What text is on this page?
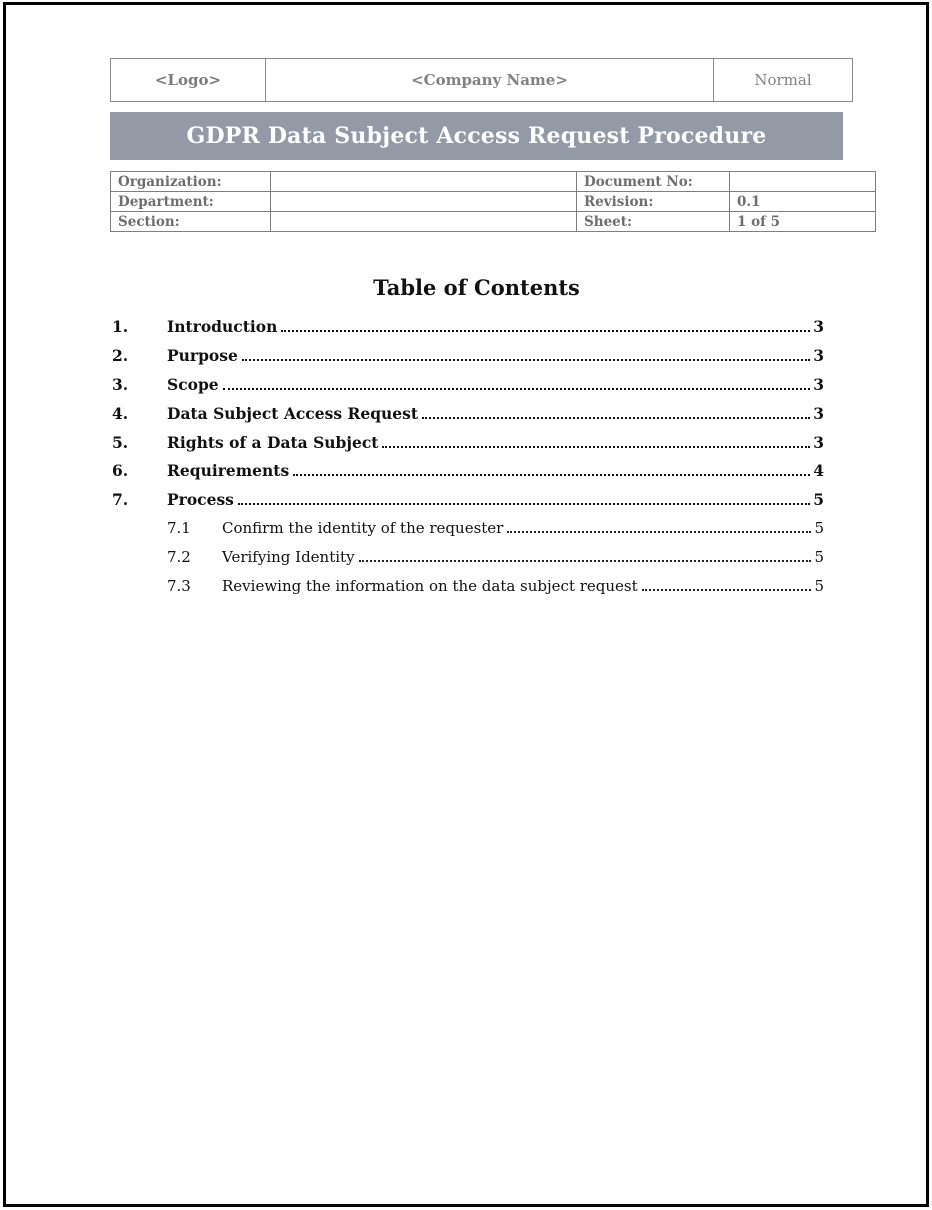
<Logo>	<Company Name>	Normal
GDPR Data Subject Access Request Procedure
Organization:		Document No:	
Department:		Revision:	0.1
Section:		Sheet:	1 of 5
Table of Contents
1.	Introduction	3
2.	Purpose	3
3.	Scope	3
4.	Data Subject Access Request	3
5.	Rights of a Data Subject	3
6.	Requirements	4
7.	Process	5
7.1	Confirm the identity of the requester	5
7.2	Verifying Identity	5
7.3	Reviewing the information on the data subject request	5
